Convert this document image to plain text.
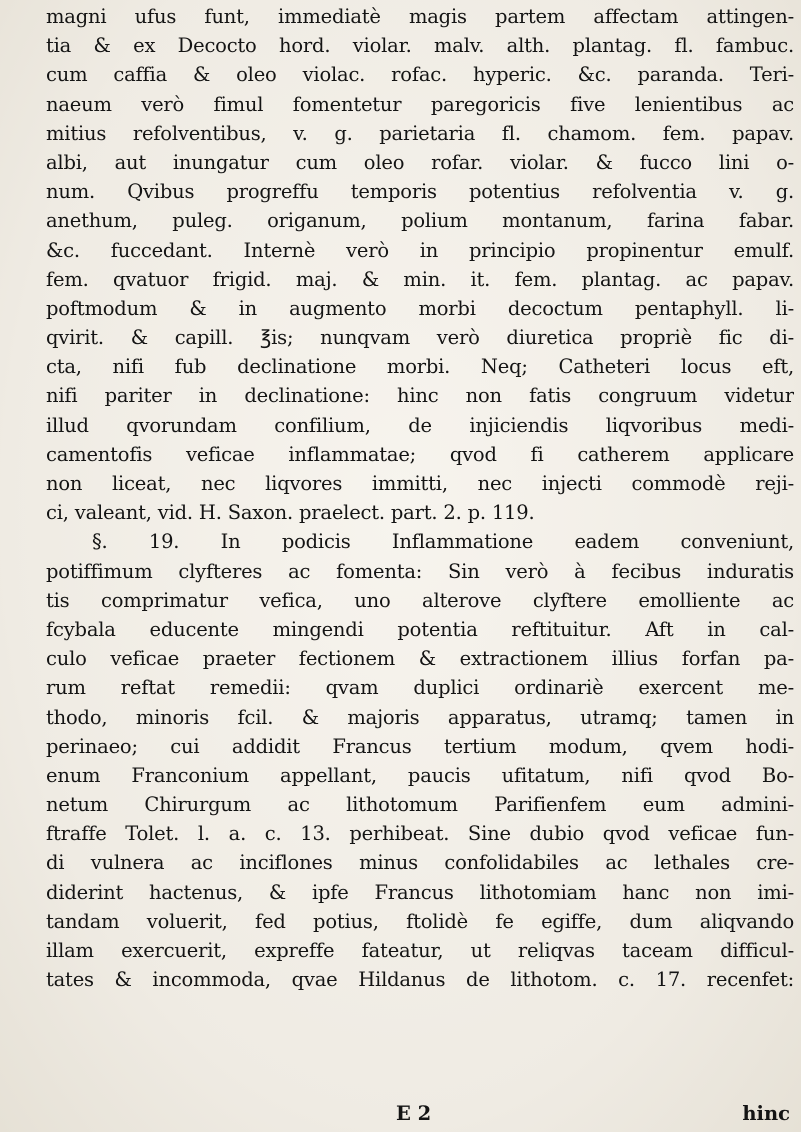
magni ufus funt, immediatè magis partem affectam attingen-
tia & ex Decocto hord. violar. malv. alth. plantag. fl. fambuc.
cum caffia & oleo violac. rofac. hyperic. &c. paranda. Teri-
naeum verò fimul fomentetur paregoricis five lenientibus ac
mitius refolventibus, v. g. parietaria fl. chamom. fem. papav.
albi, aut inungatur cum oleo rofar. violar. & fucco lini o-
num. Qvibus progreffu temporis potentius refolventia v. g.
anethum, puleg. origanum, polium montanum, farina fabar.
&c. fuccedant. Internè verò in principio propinentur emulf.
fem. qvatuor frigid. maj. & min. it. fem. plantag. ac papav.
poftmodum & in augmento morbi decoctum pentaphyll. li-
qvirit. & capill. ℥is; nunqvam verò diuretica propriè fic di-
cta, nifi fub declinatione morbi. Neq; Catheteri locus eft,
nifi pariter in declinatione: hinc non fatis congruum videtur
illud qvorundam confilium, de injiciendis liqvoribus medi-
camentofis veficae inflammatae; qvod fi catherem applicare
non liceat, nec liqvores immitti, nec injecti commodè reji-
ci, valeant, vid. H. Saxon. praelect. part. 2. p. 119.
§. 19. In podicis Inflammatione eadem conveniunt,
potiffimum clyfteres ac fomenta: Sin verò à fecibus induratis
tis comprimatur vefica, uno alterove clyftere emolliente ac
fcybala educente mingendi potentia reftituitur. Aft in cal-
culo veficae praeter fectionem & extractionem illius forfan pa-
rum reftat remedii: qvam duplici ordinariè exercent me-
thodo, minoris fcil. & majoris apparatus, utramq; tamen in
perinaeo; cui addidit Francus tertium modum, qvem hodi-
enum Franconium appellant, paucis ufitatum, nifi qvod Bo-
netum Chirurgum ac lithotomum Parifienfem eum admini-
ftraffe Tolet. l. a. c. 13. perhibeat. Sine dubio qvod veficae fun-
di vulnera ac inciflones minus confolidabiles ac lethales cre-
diderint hactenus, & ipfe Francus lithotomiam hanc non imi-
tandam voluerit, fed potius, ftolidè fe egiffe, dum aliqvando
illam exercuerit, expreffe fateatur, ut reliqvas taceam difficul-
tates & incommoda, qvae Hildanus de lithotom. c. 17. recenfet:
E 2	hinc
